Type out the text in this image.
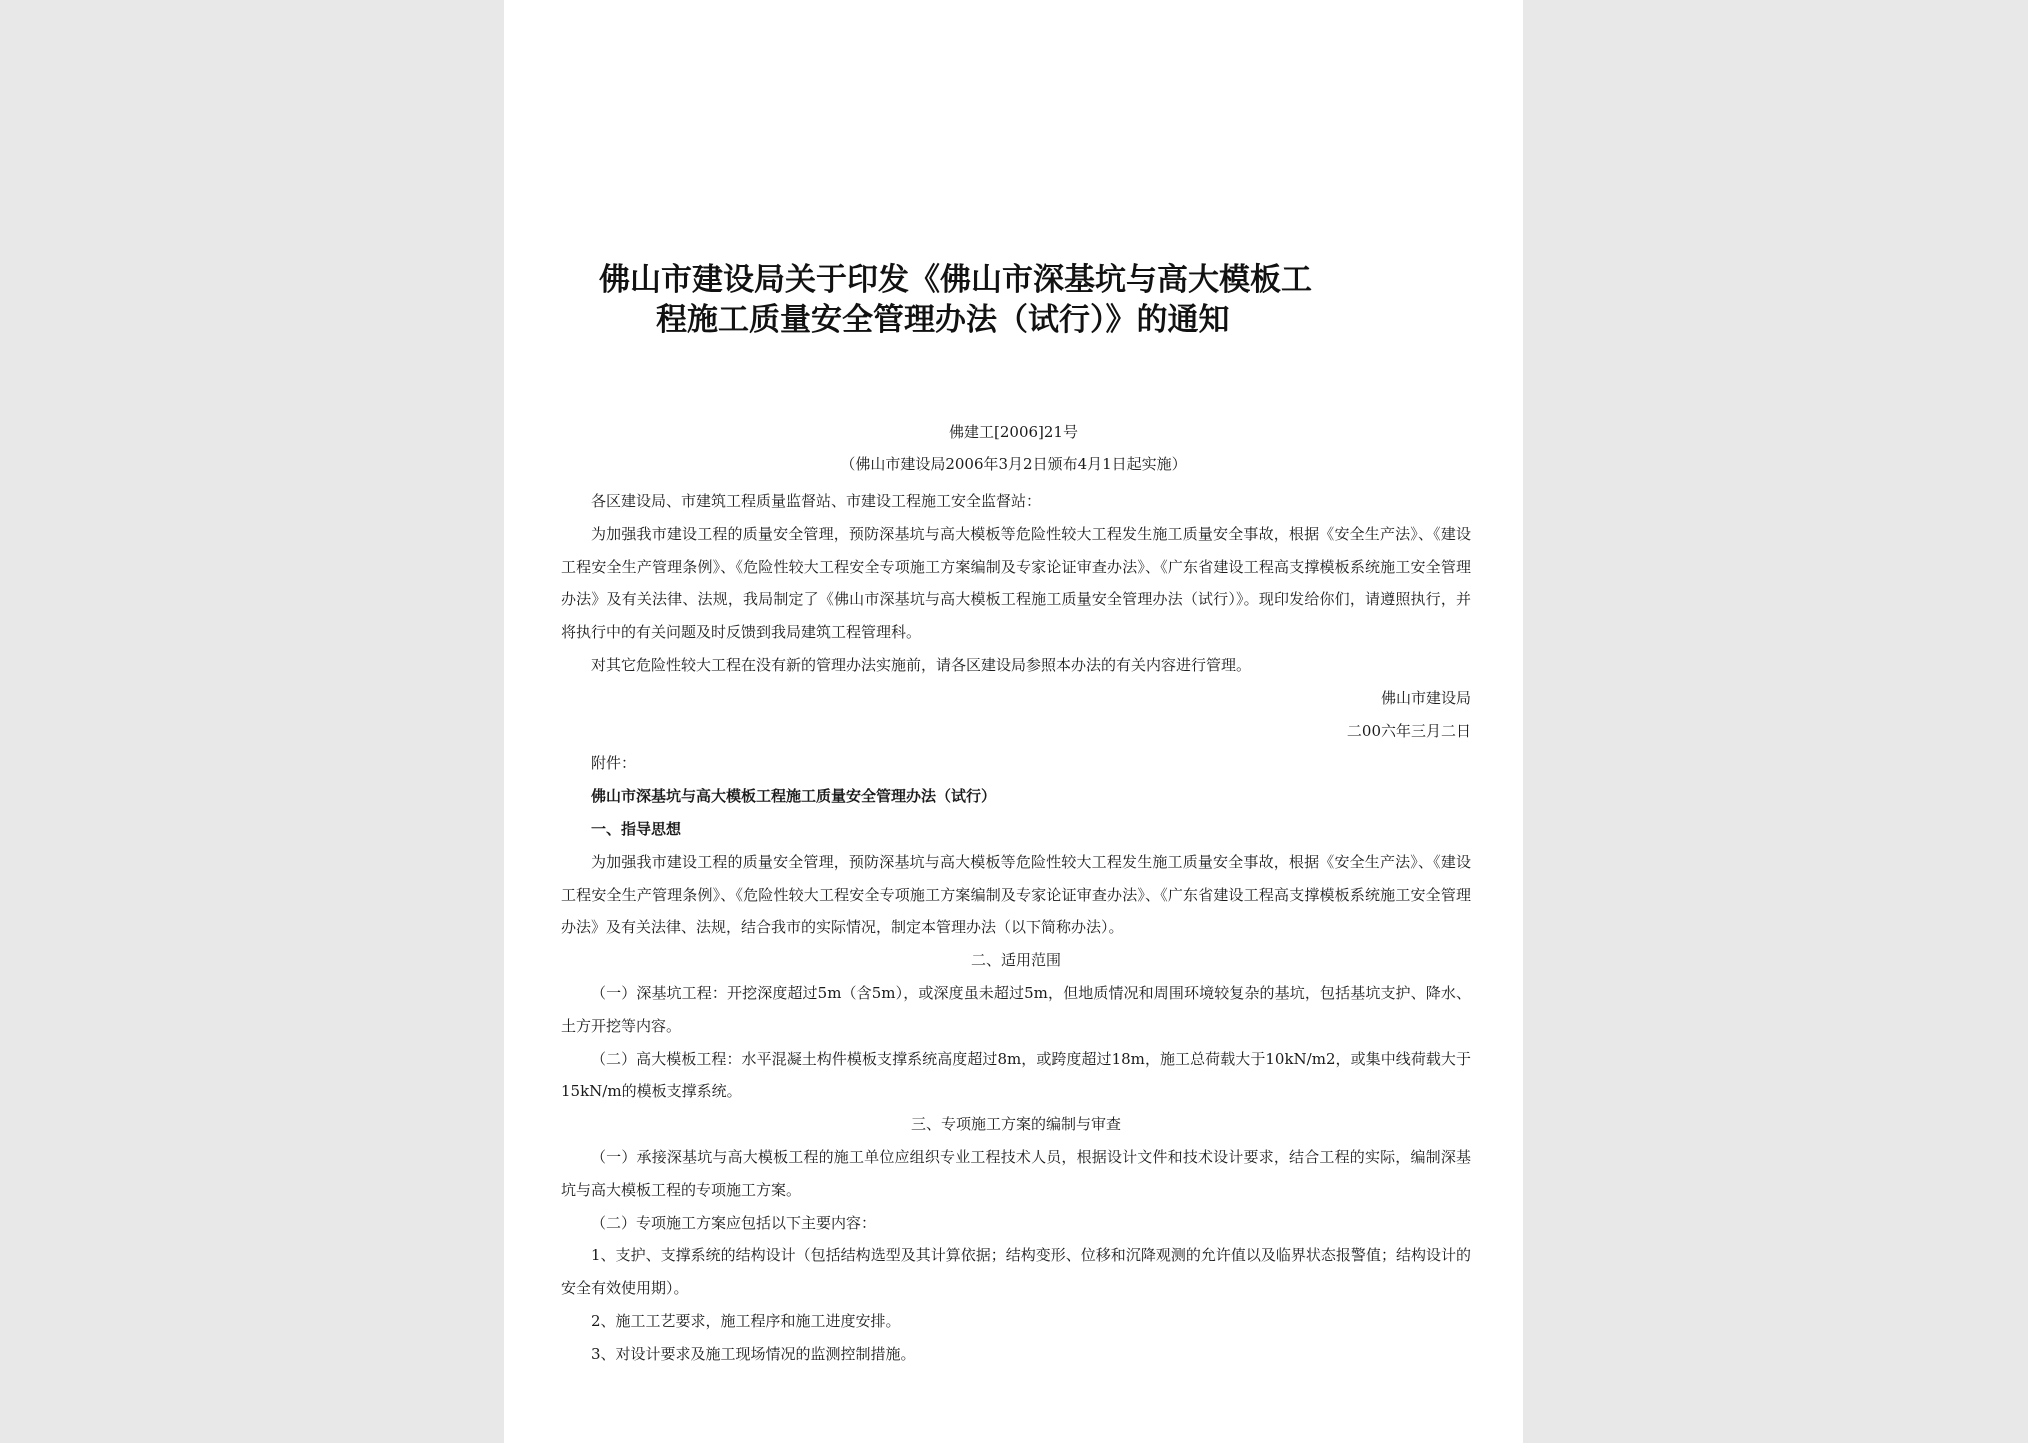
佛山市建设局关于印发《佛山市深基坑与高大模板工
程施工质量安全管理办法（试行）》的通知
佛建工[2006]21号
（佛山市建设局2006年3月2日颁布4月1日起实施）

各区建设局、市建筑工程质量监督站、市建设工程施工安全监督站：

为加强我市建设工程的质量安全管理，预防深基坑与高大模板等危险性较大工程发生施工质量安全事故，根据《安全生产法》、《建设工程安全生产管理条例》、《危险性较大工程安全专项施工方案编制及专家论证审查办法》、《广东省建设工程高支撑模板系统施工安全管理办法》及有关法律、法规，我局制定了《佛山市深基坑与高大模板工程施工质量安全管理办法（试行）》。现印发给你们，请遵照执行，并将执行中的有关问题及时反馈到我局建筑工程管理科。

对其它危险性较大工程在没有新的管理办法实施前，请各区建设局参照本办法的有关内容进行管理。

佛山市建设局

二00六年三月二日

附件：

佛山市深基坑与高大模板工程施工质量安全管理办法（试行）

一、指导思想

为加强我市建设工程的质量安全管理，预防深基坑与高大模板等危险性较大工程发生施工质量安全事故，根据《安全生产法》、《建设工程安全生产管理条例》、《危险性较大工程安全专项施工方案编制及专家论证审查办法》、《广东省建设工程高支撑模板系统施工安全管理办法》及有关法律、法规，结合我市的实际情况，制定本管理办法（以下简称办法）。

二、适用范围

（一）深基坑工程：开挖深度超过5m（含5m），或深度虽未超过5m，但地质情况和周围环境较复杂的基坑，包括基坑支护、降水、土方开挖等内容。

（二）高大模板工程：水平混凝土构件模板支撑系统高度超过8m，或跨度超过18m，施工总荷载大于10kN/m2，或集中线荷载大于15kN/m的模板支撑系统。

三、专项施工方案的编制与审查

（一）承接深基坑与高大模板工程的施工单位应组织专业工程技术人员，根据设计文件和技术设计要求，结合工程的实际，编制深基坑与高大模板工程的专项施工方案。

（二）专项施工方案应包括以下主要内容：

1、支护、支撑系统的结构设计（包括结构选型及其计算依据；结构变形、位移和沉降观测的允许值以及临界状态报警值；结构设计的安全有效使用期）。

2、施工工艺要求，施工程序和施工进度安排。

3、对设计要求及施工现场情况的监测控制措施。
